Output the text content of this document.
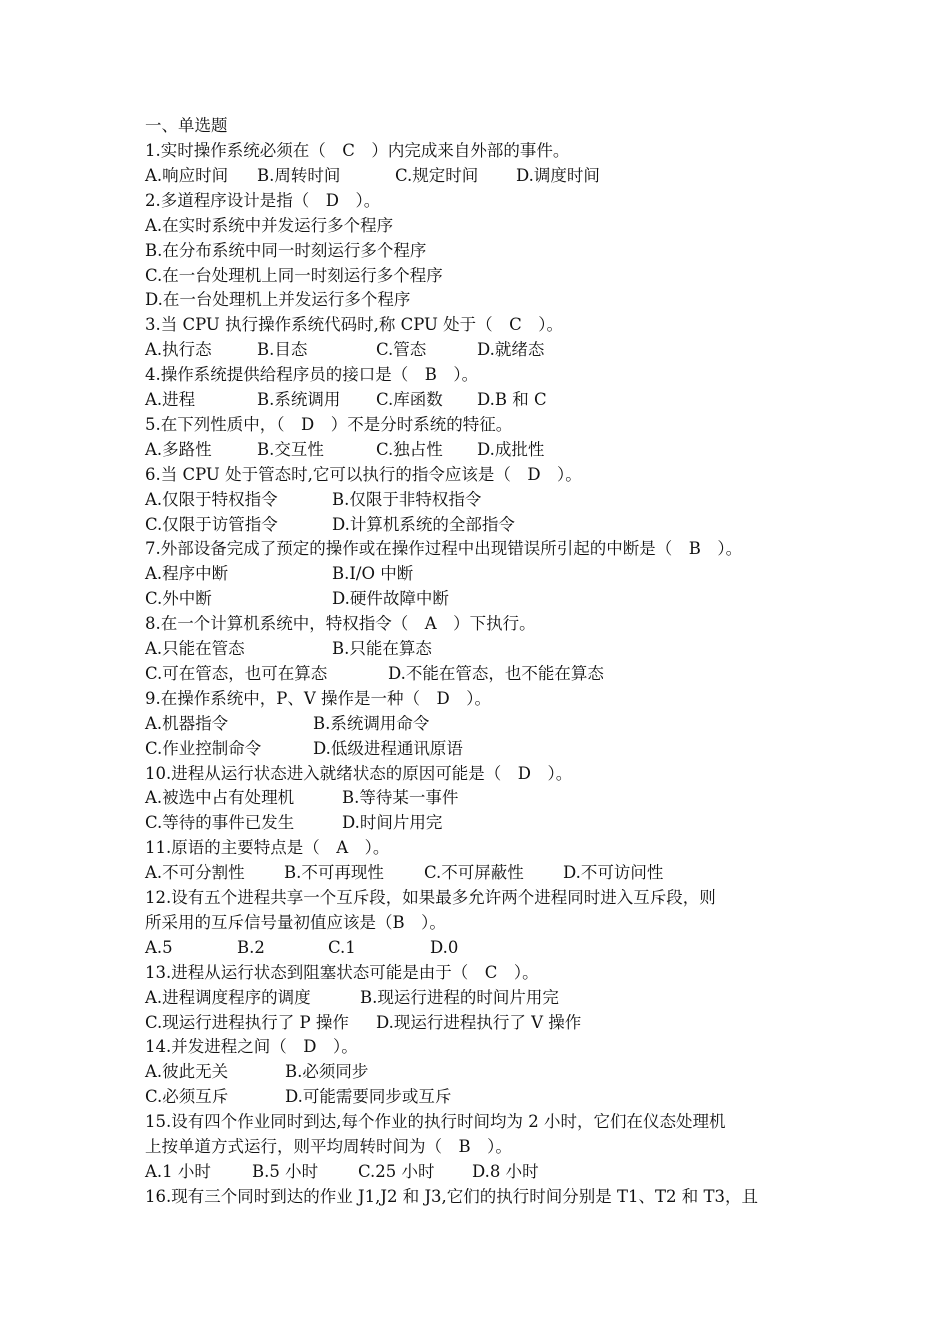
一、单选题
1.实时操作系统必须在（　C　）内完成来自外部的事件。
A.响应时间 B.周转时间	C.规定时间 D.调度时间
2.多道程序设计是指（　D　）。
A.在实时系统中并发运行多个程序
B.在分布系统中同一时刻运行多个程序
C.在一台处理机上同一时刻运行多个程序
D.在一台处理机上并发运行多个程序
3.当 CPU 执行操作系统代码时,称 CPU 处于（　C　）。
A.执行态	B.目态	C.管态	D.就绪态
4.操作系统提供给程序员的接口是（　B　）。
A.进程	B.系统调用 C.库函数 D.B 和 C
5.在下列性质中，（　D　）不是分时系统的特征。
A.多路性	B.交互性	C.独占性 D.成批性
6.当 CPU 处于管态时,它可以执行的指令应该是（　D　）。
A.仅限于特权指令	B.仅限于非特权指令
C.仅限于访管指令	D.计算机系统的全部指令
7.外部设备完成了预定的操作或在操作过程中出现错误所引起的中断是（　B　）。
A.程序中断	B.I/O 中断
C.外中断	D.硬件故障中断
8.在一个计算机系统中，特权指令（　A　）下执行。
A.只能在管态	B.只能在算态
C.可在管态，也可在算态	D.不能在管态，也不能在算态
9.在操作系统中，P、V 操作是一种（　D　）。
A.机器指令	B.系统调用命令
C.作业控制命令	D.低级进程通讯原语
10.进程从运行状态进入就绪状态的原因可能是（　D　）。
A.被选中占有处理机	B.等待某一事件
C.等待的事件已发生	D.时间片用完
11.原语的主要特点是（　A　）。
A.不可分割性 B.不可再现性 C.不可屏蔽性 D.不可访问性
12.设有五个进程共享一个互斥段，如果最多允许两个进程同时进入互斥段，则
所采用的互斥信号量初值应该是（B　）。
A.5	B.2	C.1	D.0
13.进程从运行状态到阻塞状态可能是由于（　C　）。
A.进程调度程序的调度	B.现运行进程的时间片用完
C.现运行进程执行了 P 操作 D.现运行进程执行了 V 操作
14.并发进程之间（　D　）。
A.彼此无关	B.必须同步
C.必须互斥	D.可能需要同步或互斥
15.设有四个作业同时到达,每个作业的执行时间均为 2 小时，它们在仪态处理机
上按单道方式运行，则平均周转时间为（　B　）。
A.1 小时 B.5 小时 C.25 小时 D.8 小时
16.现有三个同时到达的作业 J1,J2 和 J3,它们的执行时间分别是 T1、T2 和 T3，且
